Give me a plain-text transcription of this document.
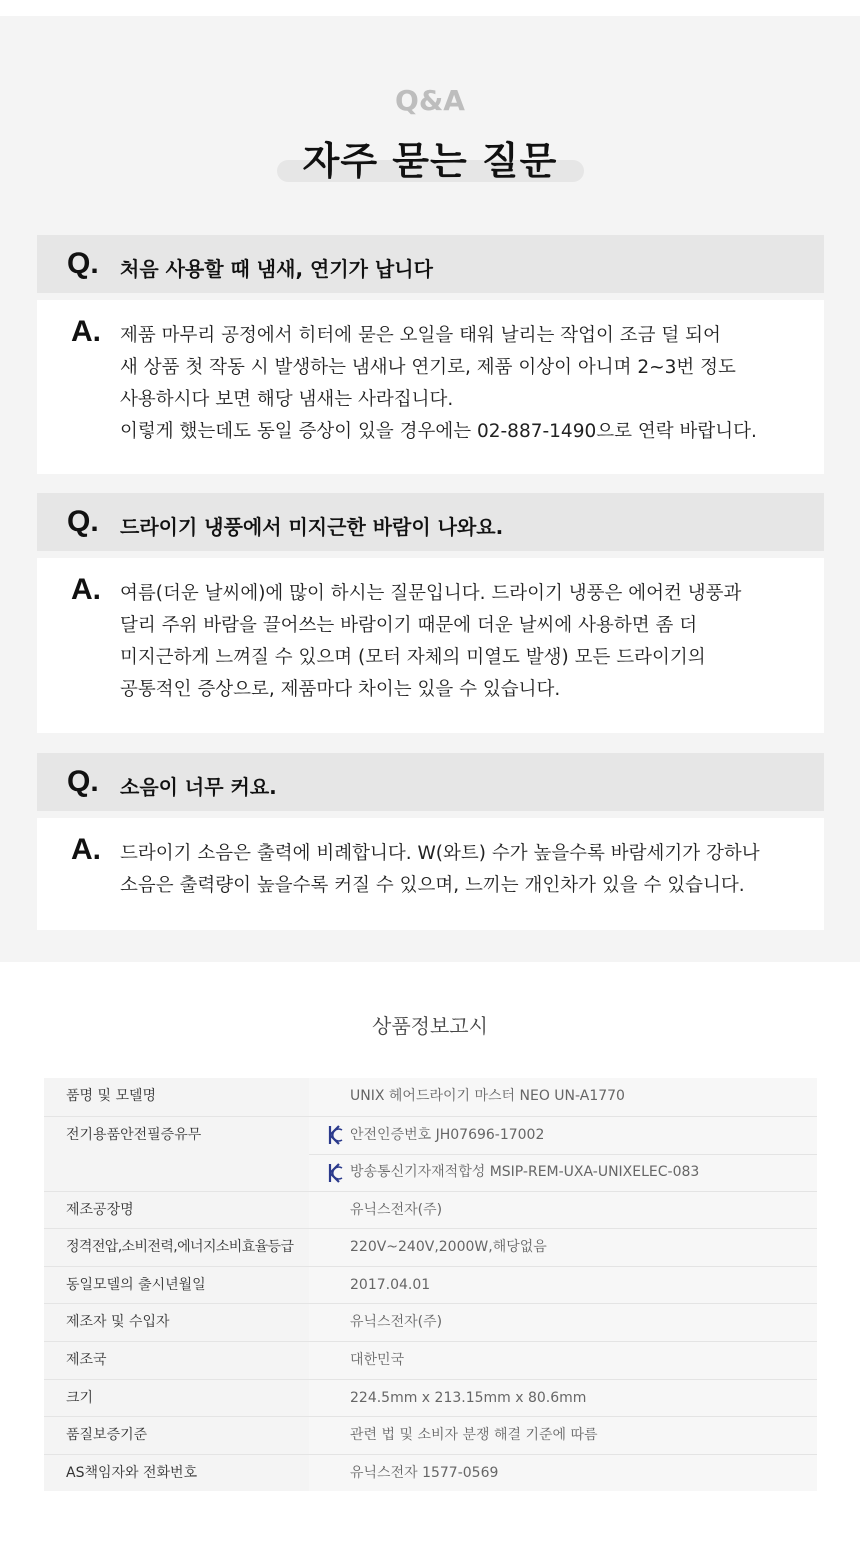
Q&A
자주 묻는 질문
Q. 처음 사용할 때 냄새, 연기가 납니다
A. 제품 마무리 공정에서 히터에 묻은 오일을 태워 날리는 작업이 조금 덜 되어
새 상품 첫 작동 시 발생하는 냄새나 연기로, 제품 이상이 아니며 2~3번 정도
사용하시다 보면 해당 냄새는 사라집니다.
이렇게 했는데도 동일 증상이 있을 경우에는 02-887-1490으로 연락 바랍니다.
Q. 드라이기 냉풍에서 미지근한 바람이 나와요.
A. 여름(더운 날씨에)에 많이 하시는 질문입니다. 드라이기 냉풍은 에어컨 냉풍과
달리 주위 바람을 끌어쓰는 바람이기 때문에 더운 날씨에 사용하면 좀 더
미지근하게 느껴질 수 있으며 (모터 자체의 미열도 발생) 모든 드라이기의
공통적인 증상으로, 제품마다 차이는 있을 수 있습니다.
Q. 소음이 너무 커요.
A. 드라이기 소음은 출력에 비례합니다. W(와트) 수가 높을수록 바람세기가 강하나
소음은 출력량이 높을수록 커질 수 있으며, 느끼는 개인차가 있을 수 있습니다.
상품정보고시
품명 및 모델명	UNIX 헤어드라이기 마스터 NEO UN-A1770
전기용품안전필증유무	안전인증번호 JH07696-17002
방송통신기자재적합성 MSIP-REM-UXA-UNIXELEC-083
제조공장명	유닉스전자(주)
정격전압,소비전력,에너지소비효율등급	220V~240V,2000W,해당없음
동일모델의 출시년월일	2017.04.01
제조자 및 수입자	유닉스전자(주)
제조국	대한민국
크기	224.5mm x 213.15mm x 80.6mm
품질보증기준	관련 법 및 소비자 분쟁 해결 기준에 따름
AS책임자와 전화번호	유닉스전자 1577-0569
